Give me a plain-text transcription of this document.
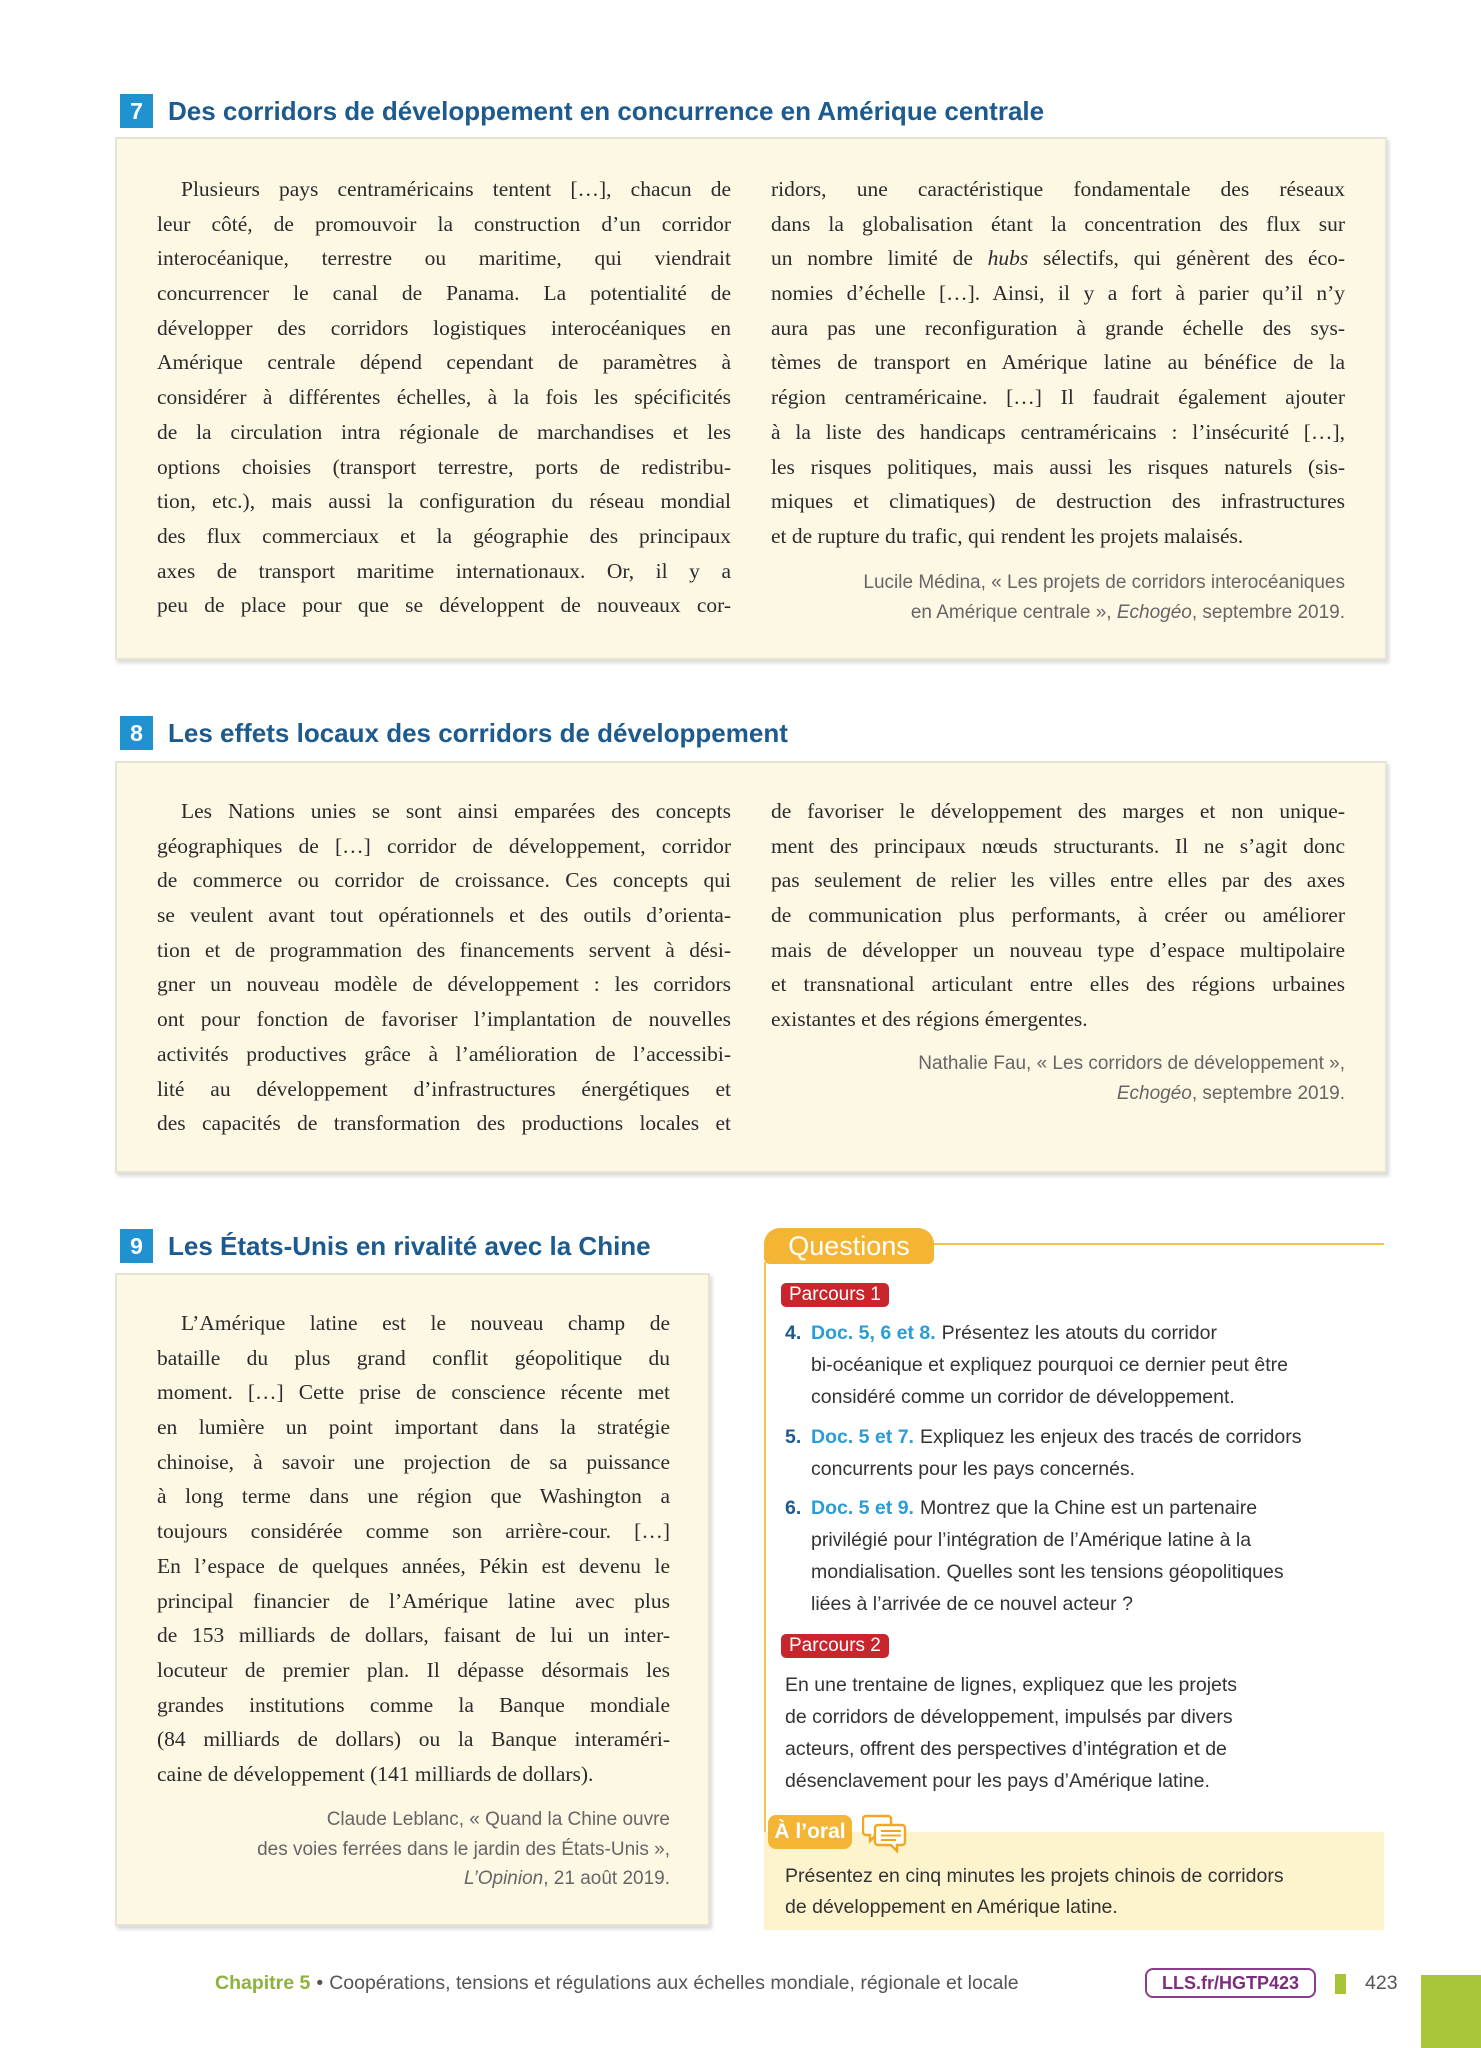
7 Des corridors de développement en concurrence en Amérique centrale
Plusieurs pays centraméricains tentent […], chacun de
leur côté, de promouvoir la construction d’un corridor
interocéanique, terrestre ou maritime, qui viendrait
concurrencer le canal de Panama. La potentialité de
développer des corridors logistiques interocéaniques en
Amérique centrale dépend cependant de paramètres à
considérer à différentes échelles, à la fois les spécificités
de la circulation intra régionale de marchandises et les
options choisies (transport terrestre, ports de redistribu-
tion, etc.), mais aussi la configuration du réseau mondial
des flux commerciaux et la géographie des principaux
axes de transport maritime internationaux. Or, il y a
peu de place pour que se développent de nouveaux cor-
ridors, une caractéristique fondamentale des réseaux
dans la globalisation étant la concentration des flux sur
un nombre limité de hubs sélectifs, qui génèrent des éco-
nomies d’échelle […]. Ainsi, il y a fort à parier qu’il n’y
aura pas une reconfiguration à grande échelle des sys-
tèmes de transport en Amérique latine au bénéfice de la
région centraméricaine. […] Il faudrait également ajouter
à la liste des handicaps centraméricains : l’insécurité […],
les risques politiques, mais aussi les risques naturels (sis-
miques et climatiques) de destruction des infrastructures
et de rupture du trafic, qui rendent les projets malaisés.
Lucile Médina, « Les projets de corridors interocéaniques
en Amérique centrale », Echogéo, septembre 2019.
8 Les effets locaux des corridors de développement
Les Nations unies se sont ainsi emparées des concepts
géographiques de […] corridor de développement, corridor
de commerce ou corridor de croissance. Ces concepts qui
se veulent avant tout opérationnels et des outils d’orienta-
tion et de programmation des financements servent à dési-
gner un nouveau modèle de développement : les corridors
ont pour fonction de favoriser l’implantation de nouvelles
activités productives grâce à l’amélioration de l’accessibi-
lité au développement d’infrastructures énergétiques et
des capacités de transformation des productions locales et
de favoriser le développement des marges et non unique-
ment des principaux nœuds structurants. Il ne s’agit donc
pas seulement de relier les villes entre elles par des axes
de communication plus performants, à créer ou améliorer
mais de développer un nouveau type d’espace multipolaire
et transnational articulant entre elles des régions urbaines
existantes et des régions émergentes.
Nathalie Fau, « Les corridors de développement »,
Echogéo, septembre 2019.
9 Les États-Unis en rivalité avec la Chine
L’Amérique latine est le nouveau champ de
bataille du plus grand conflit géopolitique du
moment. […] Cette prise de conscience récente met
en lumière un point important dans la stratégie
chinoise, à savoir une projection de sa puissance
à long terme dans une région que Washington a
toujours considérée comme son arrière-cour. […]
En l’espace de quelques années, Pékin est devenu le
principal financier de l’Amérique latine avec plus
de 153 milliards de dollars, faisant de lui un inter-
locuteur de premier plan. Il dépasse désormais les
grandes institutions comme la Banque mondiale
(84 milliards de dollars) ou la Banque interaméri-
caine de développement (141 milliards de dollars).
Claude Leblanc, « Quand la Chine ouvre
des voies ferrées dans le jardin des États-Unis »,
L’Opinion, 21 août 2019.
Questions
Parcours 1
4. Doc. 5, 6 et 8. Présentez les atouts du corridor
bi-océanique et expliquez pourquoi ce dernier peut être
considéré comme un corridor de développement.
5. Doc. 5 et 7. Expliquez les enjeux des tracés de corridors
concurrents pour les pays concernés.
6. Doc. 5 et 9. Montrez que la Chine est un partenaire
privilégié pour l’intégration de l’Amérique latine à la
mondialisation. Quelles sont les tensions géopolitiques
liées à l’arrivée de ce nouvel acteur ?
Parcours 2
En une trentaine de lignes, expliquez que les projets
de corridors de développement, impulsés par divers
acteurs, offrent des perspectives d’intégration et de
désenclavement pour les pays d’Amérique latine.
À l’oral
Présentez en cinq minutes les projets chinois de corridors
de développement en Amérique latine.
Chapitre 5 • Coopérations, tensions et régulations aux échelles mondiale, régionale et locale	LLS.fr/HGTP423	423
